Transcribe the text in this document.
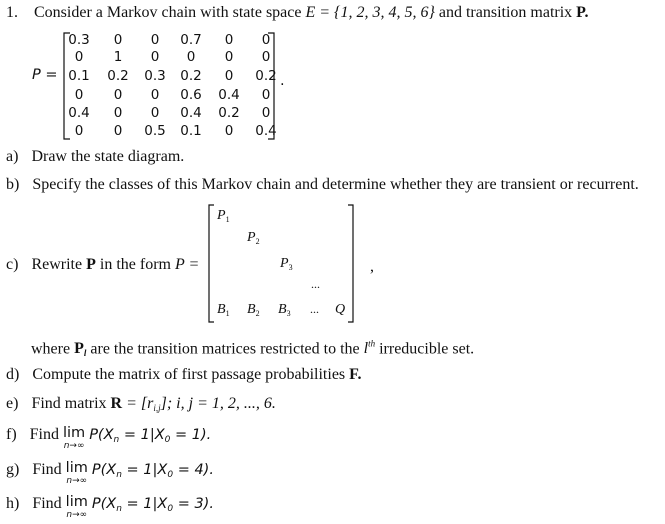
1. Consider a Markov chain with state space E = {1, 2, 3, 4, 5, 6} and transition matrix P.
P =
0.3 0 0 0.7 0 0
0 1 0 0 0 0
0.1 0.2 0.3 0.2 0 0.2
0 0 0 0.6 0.4 0
0.4 0 0 0.4 0.2 0
0 0 0.5 0.1 0 0.4
.
a) Draw the state diagram.
b) Specify the classes of this Markov chain and determine whether they are transient or recurrent.
c) Rewrite P in the form P =
$P_1$
$P_2$
$P_3$
...
$B_1$ $B_2$ $B_3$ ... Q
,
where $P_l$ are the transition matrices restricted to the $l^{th}$ irreducible set.
d) Compute the matrix of first passage probabilities F.
e) Find matrix $R = [r_{i,j}]$; i, j = 1, 2, ..., 6.
f) Find lim
n→∞
$P(X_n = 1|X_0 = 1)$.
g) Find lim
n→∞
$P(X_n = 1|X_0 = 4)$.
h) Find lim
n→∞
$P(X_n = 1|X_0 = 3)$.
